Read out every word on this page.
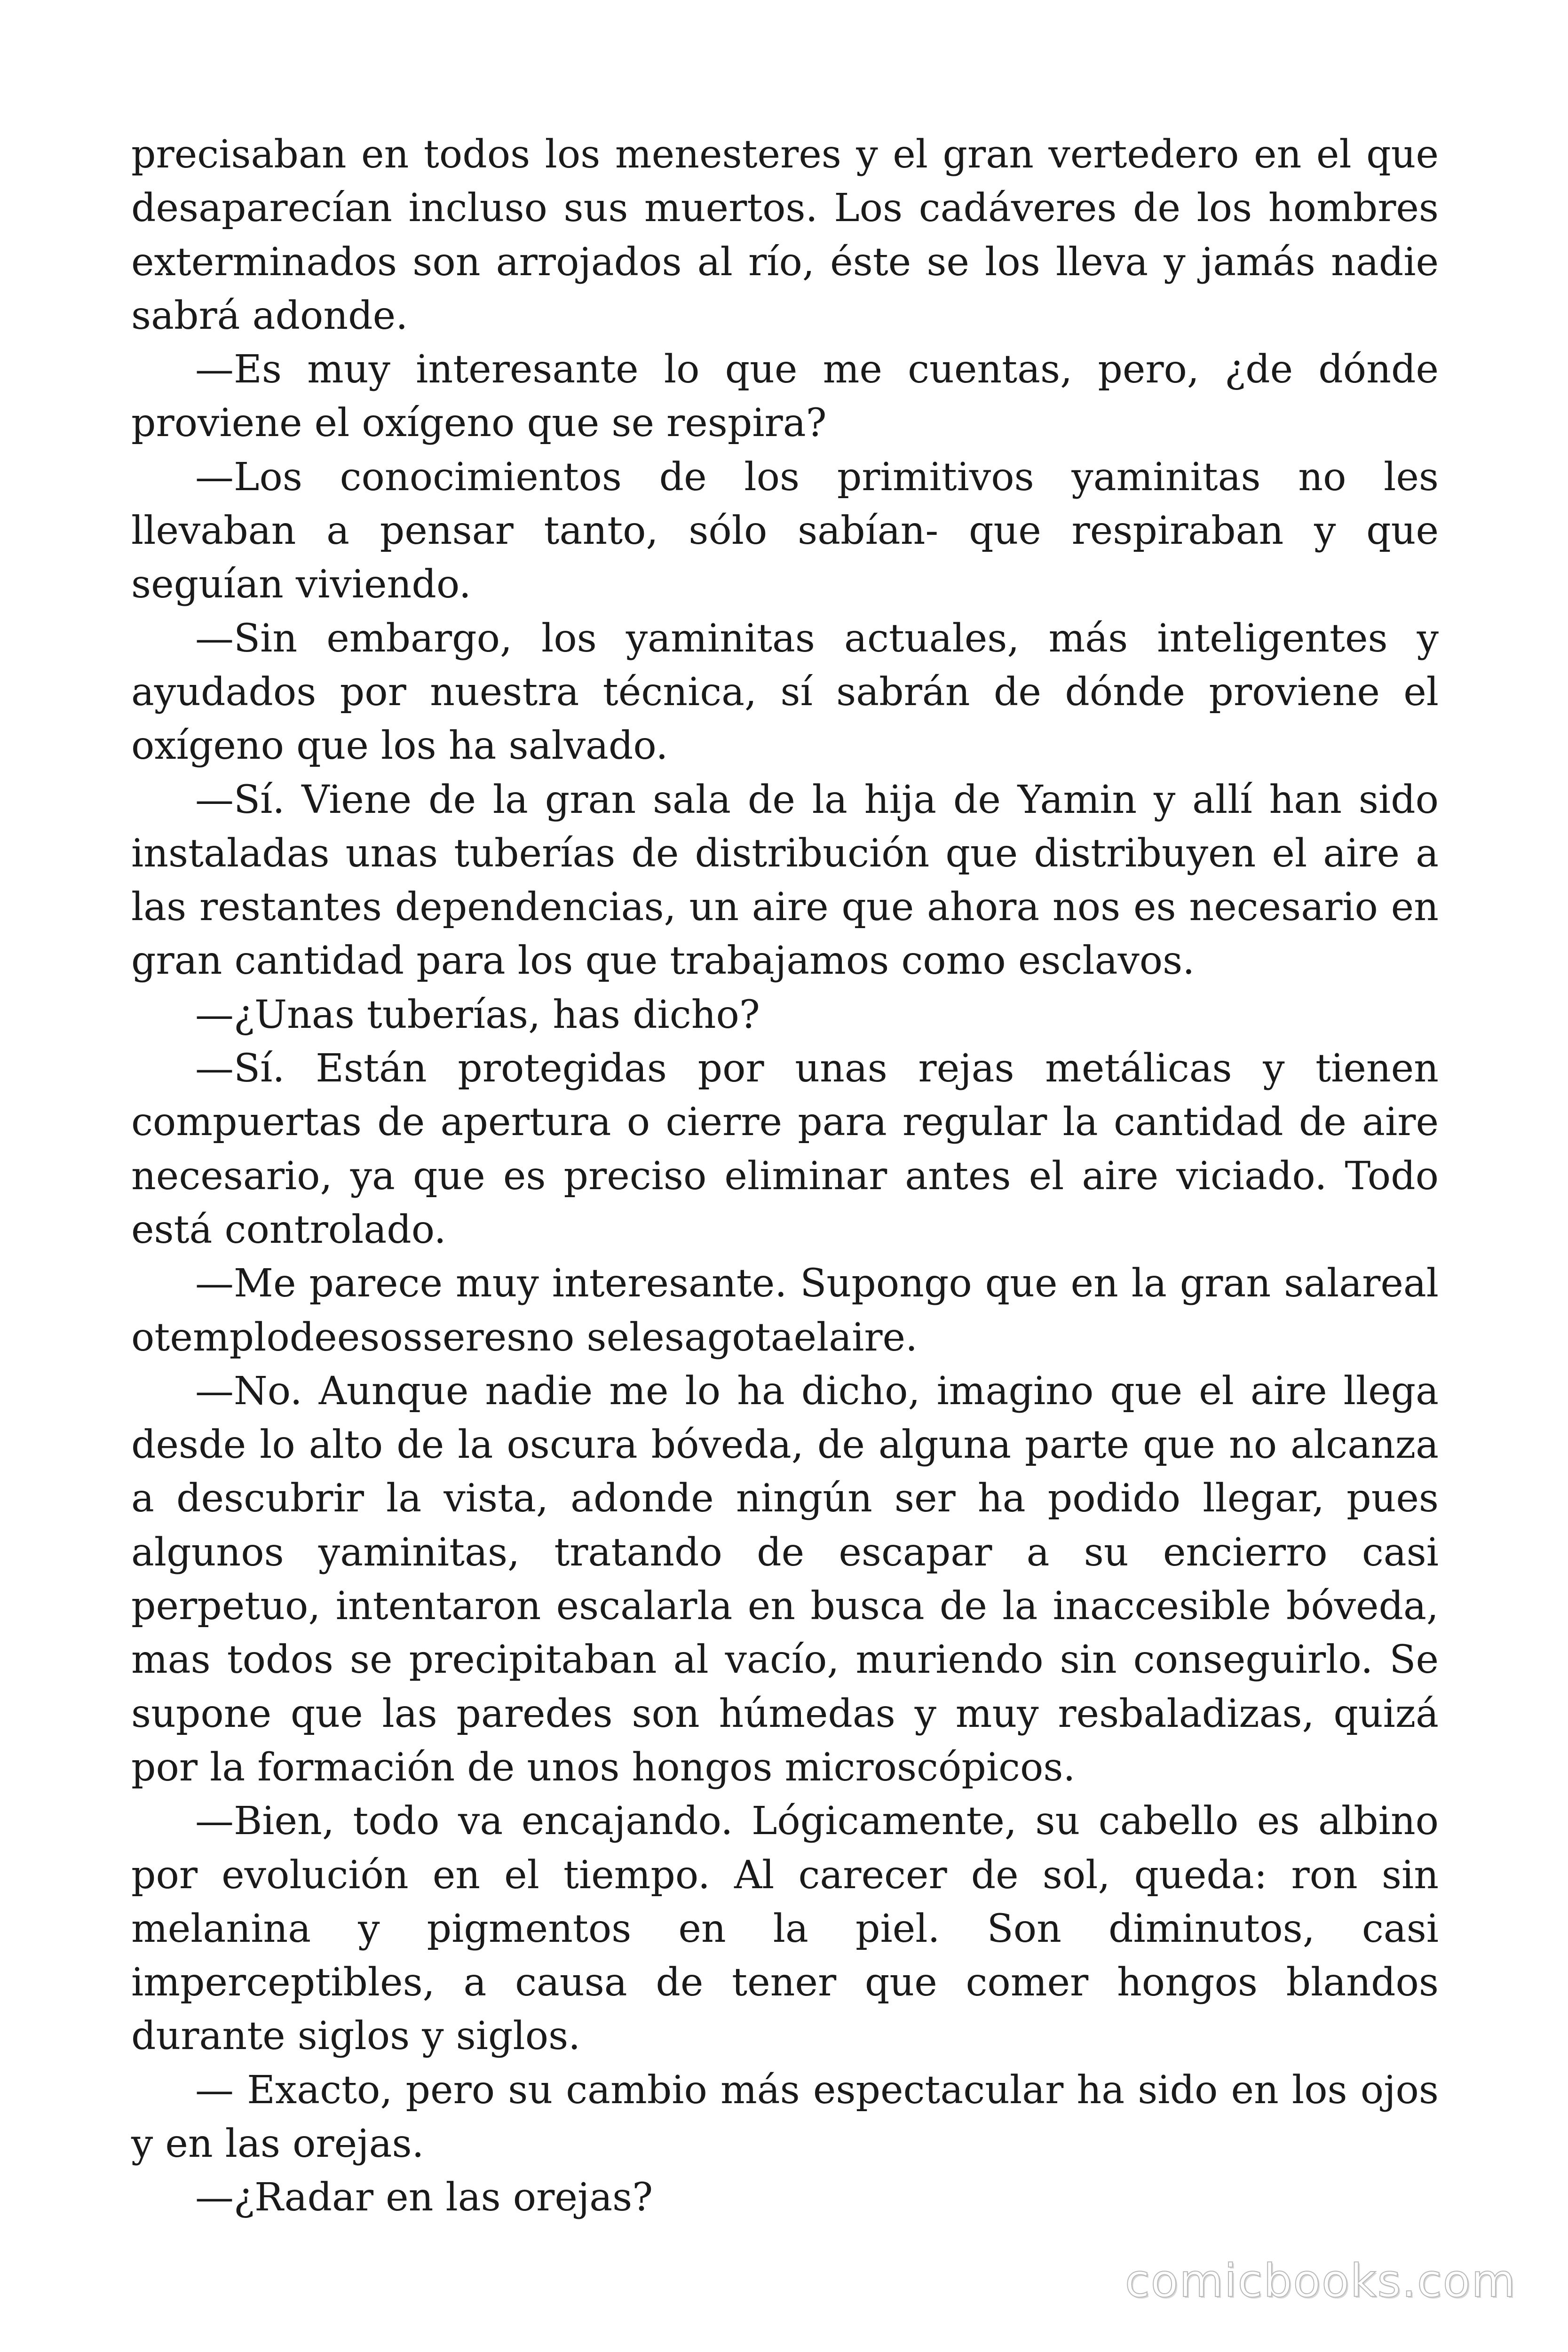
precisaban en todos los menesteres y el gran vertedero en el que desaparecían incluso sus muertos. Los cadáveres de los hombres exterminados son arrojados al río, éste se los lleva y jamás nadie sabrá adonde.

—Es muy interesante lo que me cuentas, pero, ¿de dónde proviene el oxígeno que se respira?

—Los conocimientos de los primitivos yaminitas no les llevaban a pensar tanto, sólo sabían- que respiraban y que seguían viviendo.

—Sin embargo, los yaminitas actuales, más inteligentes y ayudados por nuestra técnica, sí sabrán de dónde proviene el oxígeno que los ha salvado.

—Sí. Viene de la gran sala de la hija de Yamin y allí han sido instaladas unas tuberías de distribución que distribuyen el aire a las restantes dependencias, un aire que ahora nos es necesario en gran cantidad para los que trabajamos como esclavos.

—¿Unas tuberías, has dicho?

—Sí. Están protegidas por unas rejas metálicas y tienen compuertas de apertura o cierre para regular la cantidad de aire necesario, ya que es preciso eliminar antes el aire viciado. Todo está controlado.

—Me parece muy interesante. Supongo que en la gran salareal otemplodeesosseresno selesagotaelaire.

—No. Aunque nadie me lo ha dicho, imagino que el aire llega desde lo alto de la oscura bóveda, de alguna parte que no alcanza a descubrir la vista, adonde ningún ser ha podido llegar, pues algunos yaminitas, tratando de escapar a su encierro casi perpetuo, intentaron escalarla en busca de la inaccesible bóveda, mas todos se precipitaban al vacío, muriendo sin conseguirlo. Se supone que las paredes son húmedas y muy resbaladizas, quizá por la formación de unos hongos microscópicos.

—Bien, todo va encajando. Lógicamente, su cabello es albino por evolución en el tiempo. Al carecer de sol, queda: ron sin melanina y pigmentos en la piel. Son diminutos, casi imperceptibles, a causa de tener que comer hongos blandos durante siglos y siglos.

— Exacto, pero su cambio más espectacular ha sido en los ojos y en las orejas.

—¿Radar en las orejas?

comicbooks.com
